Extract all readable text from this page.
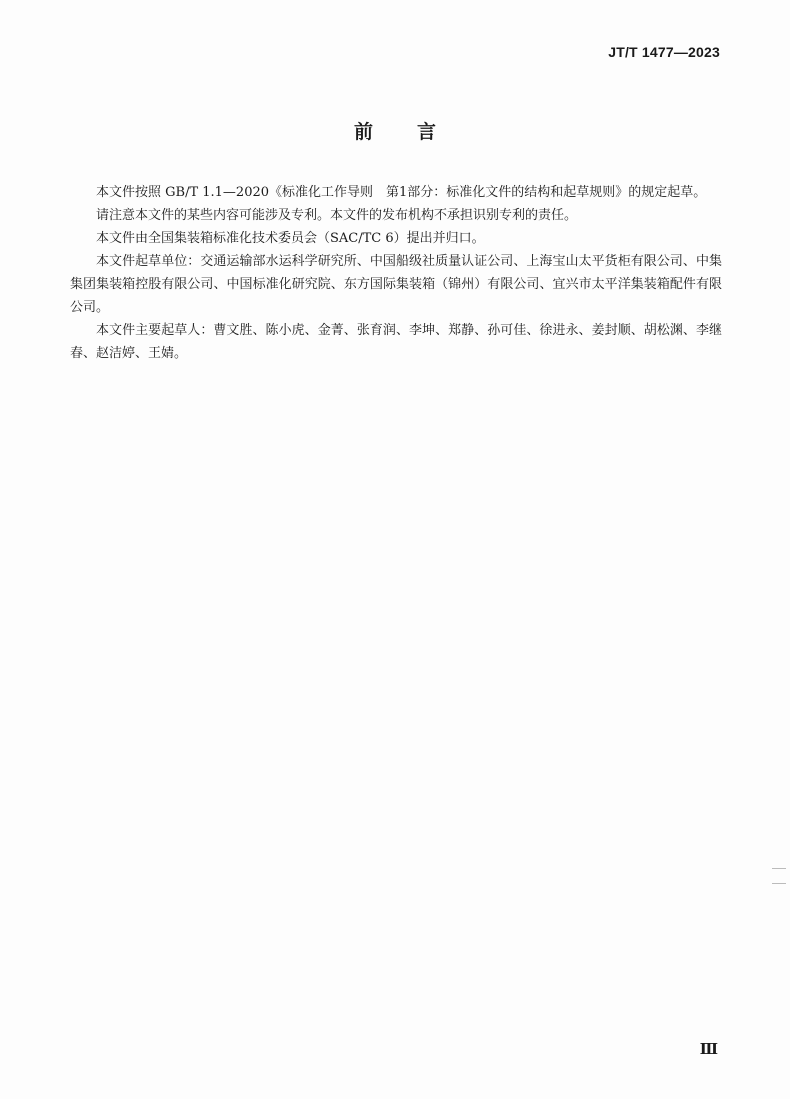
JT/T 1477—2023
前 言

本文件按照 GB/T 1.1—2020《标准化工作导则　第1部分：标准化文件的结构和起草规则》的规定起草。

请注意本文件的某些内容可能涉及专利。本文件的发布机构不承担识别专利的责任。

本文件由全国集装箱标准化技术委员会（SAC/TC 6）提出并归口。

本文件起草单位：交通运输部水运科学研究所、中国船级社质量认证公司、上海宝山太平货柜有限公司、中集集团集装箱控股有限公司、中国标准化研究院、东方国际集装箱（锦州）有限公司、宜兴市太平洋集装箱配件有限公司。

本文件主要起草人：曹文胜、陈小虎、金菁、张育润、李坤、郑静、孙可佳、徐进永、姜封顺、胡松渊、李继春、赵洁婷、王婧。

Ⅲ
